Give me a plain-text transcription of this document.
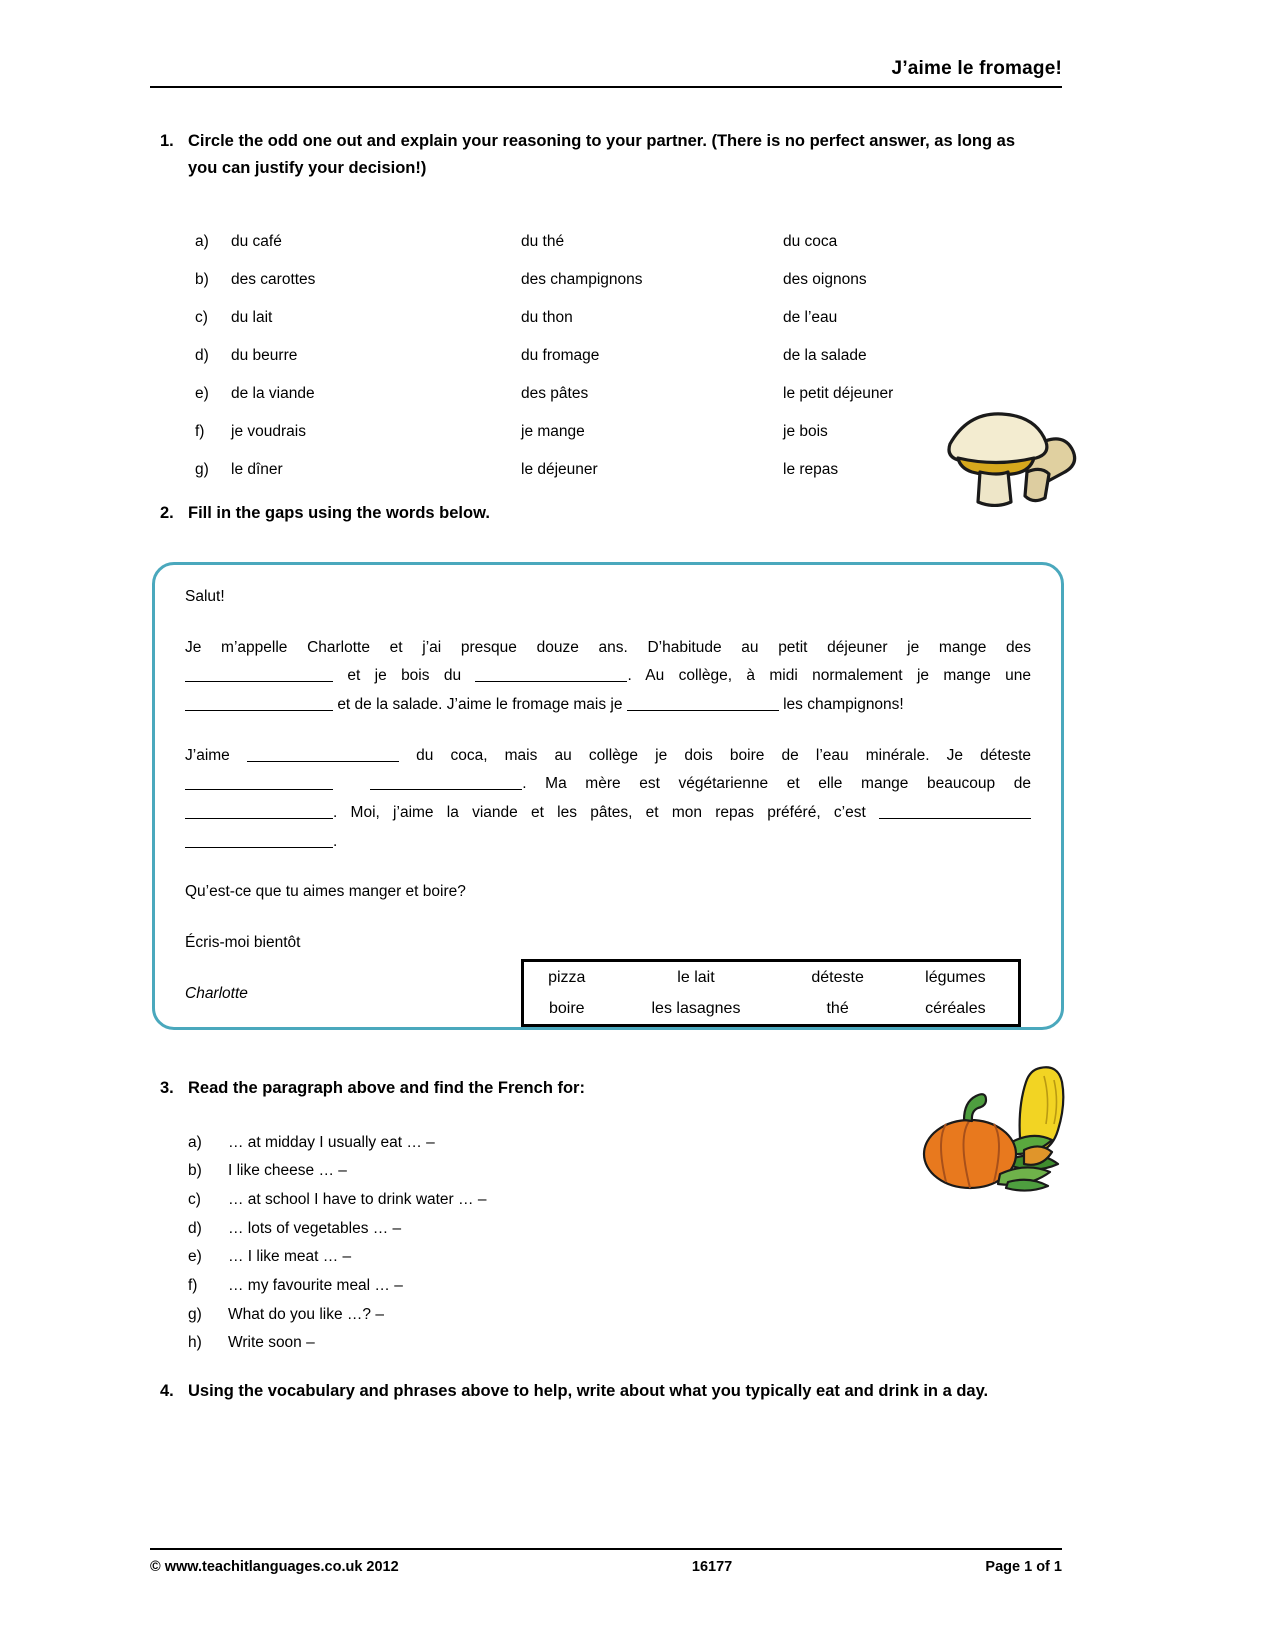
J’aime le fromage!
1. Circle the odd one out and explain your reasoning to your partner. (There is no perfect answer, as long as you can justify your decision!)
a)	du café	du thé	du coca
b)	des carottes	des champignons	des oignons
c)	du lait	du thon	de l’eau
d)	du beurre	du fromage	de la salade
e)	de la viande	des pâtes	le petit déjeuner
f)	je voudrais	je mange	je bois
g)	le dîner	le déjeuner	le repas
2. Fill in the gaps using the words below.
Salut!
Je m’appelle Charlotte et j’ai presque douze ans. D’habitude au petit déjeuner je mange des
et je bois du	. Au collège, à midi normalement je mange une
et de la salade. J’aime le fromage mais je	les champignons!
J’aime	du coca, mais au collège je dois boire de l’eau minérale. Je déteste
. Ma mère est végétarienne et elle mange beaucoup de
. Moi, j’aime la viande et les pâtes, et mon repas préféré, c’est
.
Qu’est-ce que tu aimes manger et boire?
Écris-moi bientôt
Charlotte
pizza	le lait	déteste	légumes
boire	les lasagnes	thé	céréales
3. Read the paragraph above and find the French for:
a)	… at midday I usually eat … –
b)	I like cheese … –
c)	… at school I have to drink water … –
d)	… lots of vegetables … –
e)	… I like meat … –
f)	… my favourite meal … –
g)	What do you like …? –
h)	Write soon –
4. Using the vocabulary and phrases above to help, write about what you typically eat and drink in a day.
© www.teachitlanguages.co.uk 2012	16177	Page 1 of 1
